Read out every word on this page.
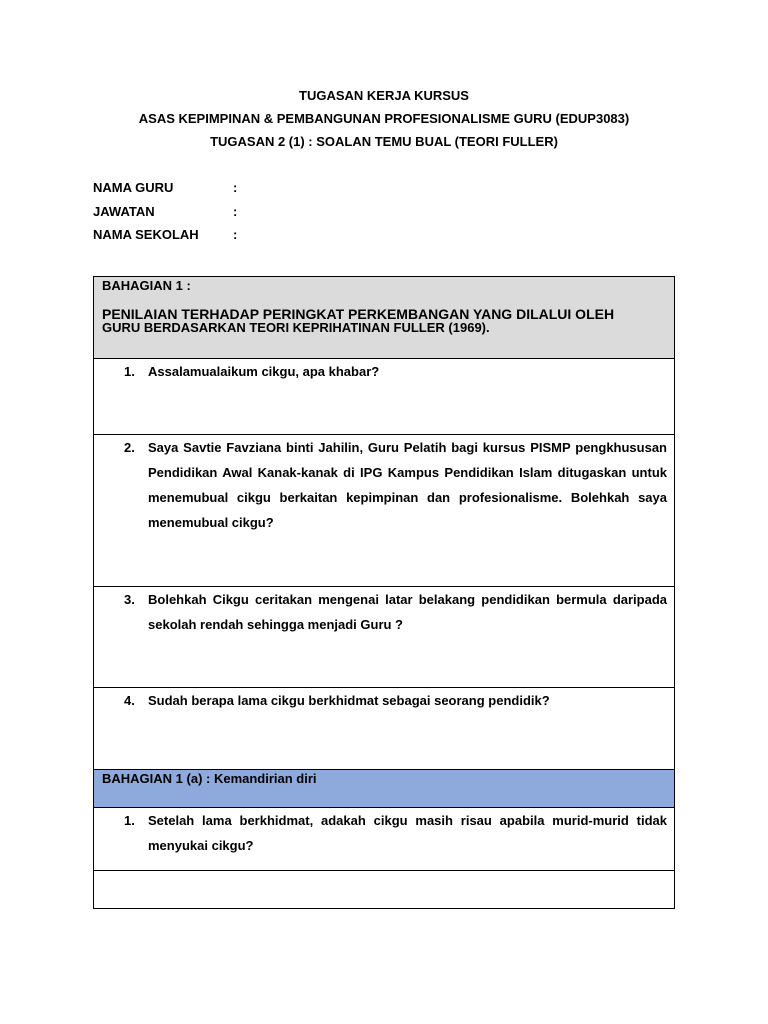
TUGASAN KERJA KURSUS
ASAS KEPIMPINAN & PEMBANGUNAN PROFESIONALISME GURU (EDUP3083)
TUGASAN 2 (1) : SOALAN TEMU BUAL (TEORI FULLER)
NAMA GURU	:
JAWATAN	:
NAMA SEKOLAH	:
BAHAGIAN 1 :
PENILAIAN TERHADAP PERINGKAT PERKEMBANGAN YANG DILALUI OLEH
GURU BERDASARKAN TEORI KEPRIHATINAN FULLER (1969).

1.	Assalamualaikum cikgu, apa khabar?

2.	Saya Savtie Favziana binti Jahilin, Guru Pelatih bagi kursus PISMP pengkhususan Pendidikan Awal Kanak-kanak di IPG Kampus Pendidikan Islam ditugaskan untuk menemubual cikgu berkaitan kepimpinan dan profesionalisme. Bolehkah saya menemubual cikgu?

3.	Bolehkah Cikgu ceritakan mengenai latar belakang pendidikan bermula daripada sekolah rendah sehingga menjadi Guru ?

4.	Sudah berapa lama cikgu berkhidmat sebagai seorang pendidik?

BAHAGIAN 1 (a) : Kemandirian diri

1.	Setelah lama berkhidmat, adakah cikgu masih risau apabila murid-murid tidak menyukai cikgu?
